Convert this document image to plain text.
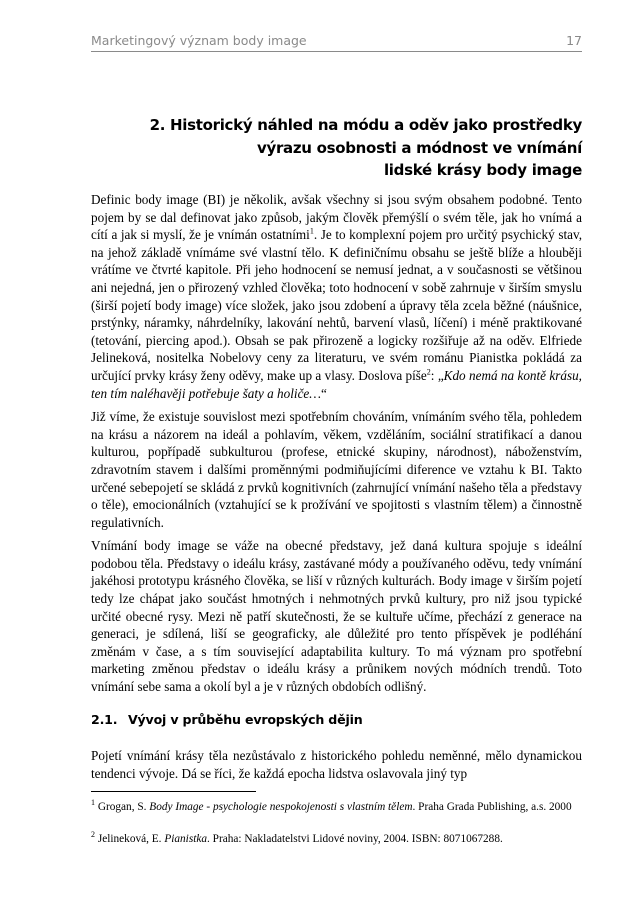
Marketingový význam body image	17
2. Historický náhled na módu a oděv jako prostředky
výrazu osobnosti a módnost ve vnímání
lidské krásy body image

Definic body image (BI) je několik, avšak všechny si jsou svým obsahem podobné. Tento pojem by se dal definovat jako způsob, jakým člověk přemýšlí o svém těle, jak ho vnímá a cítí a jak si myslí, že je vnímán ostatními$^1$. Je to komplexní pojem pro určitý psychický stav, na jehož základě vnímáme své vlastní tělo. K definičnímu obsahu se ještě blíže a hlouběji vrátíme ve čtvrté kapitole. Při jeho hodnocení se nemusí jednat, a v současnosti se většinou ani nejedná, jen o přirozený vzhled člověka; toto hodnocení v sobě zahrnuje v širším smyslu (širší pojetí body image) více složek, jako jsou zdobení a úpravy těla zcela běžné (náušnice, prstýnky, náramky, náhrdelníky, lakování nehtů, barvení vlasů, líčení) i méně praktikované (tetování, piercing apod.). Obsah se pak přirozeně a logicky rozšiřuje až na oděv. Elfriede Jelineková, nositelka Nobelovy ceny za literaturu, ve svém románu Pianistka pokládá za určující prvky krásy ženy oděvy, make up a vlasy. Doslova píše$^2$: „Kdo nemá na kontě krásu, ten tím naléhavěji potřebuje šaty a holiče…“

Již víme, že existuje souvislost mezi spotřebním chováním, vnímáním svého těla, pohledem na krásu a názorem na ideál a pohlavím, věkem, vzděláním, sociální stratifikací a danou kulturou, popřípadě subkulturou (profese, etnické skupiny, národnost), náboženstvím, zdravotním stavem i dalšími proměnnými podmiňujícími diference ve vztahu k BI. Takto určené sebepojetí se skládá z prvků kognitivních (zahrnující vnímání našeho těla a představy o těle), emocionálních (vztahující se k prožívání ve spojitosti s vlastním tělem) a činnostně regulativních.

Vnímání body image se váže na obecné představy, jež daná kultura spojuje s ideální podobou těla. Představy o ideálu krásy, zastávané módy a používaného oděvu, tedy vnímání jakéhosi prototypu krásného člověka, se liší v různých kulturách. Body image v širším pojetí tedy lze chápat jako součást hmotných i nehmotných prvků kultury, pro niž jsou typické určité obecné rysy. Mezi ně patří skutečnosti, že se kultuře učíme, přechází z generace na generaci, je sdílená, liší se geograficky, ale důležité pro tento příspěvek je podléhání změnám v čase, a s tím související adaptabilita kultury. To má význam pro spotřební marketing změnou představ o ideálu krásy a průnikem nových módních trendů. Toto vnímání sebe sama a okolí byl a je v různých obdobích odlišný.

2.1. Vývoj v průběhu evropských dějin

Pojetí vnímání krásy těla nezůstávalo z historického pohledu neměnné, mělo dynamickou tendenci vývoje. Dá se říci, že každá epocha lidstva oslavovala jiný typ

$^1$ Grogan, S. Body Image - psychologie nespokojenosti s vlastním tělem. Praha Grada Publishing, a.s. 2000
$^2$ Jelineková, E. Pianistka. Praha: Nakladatelstvi Lidové noviny, 2004. ISBN: 8071067288.
